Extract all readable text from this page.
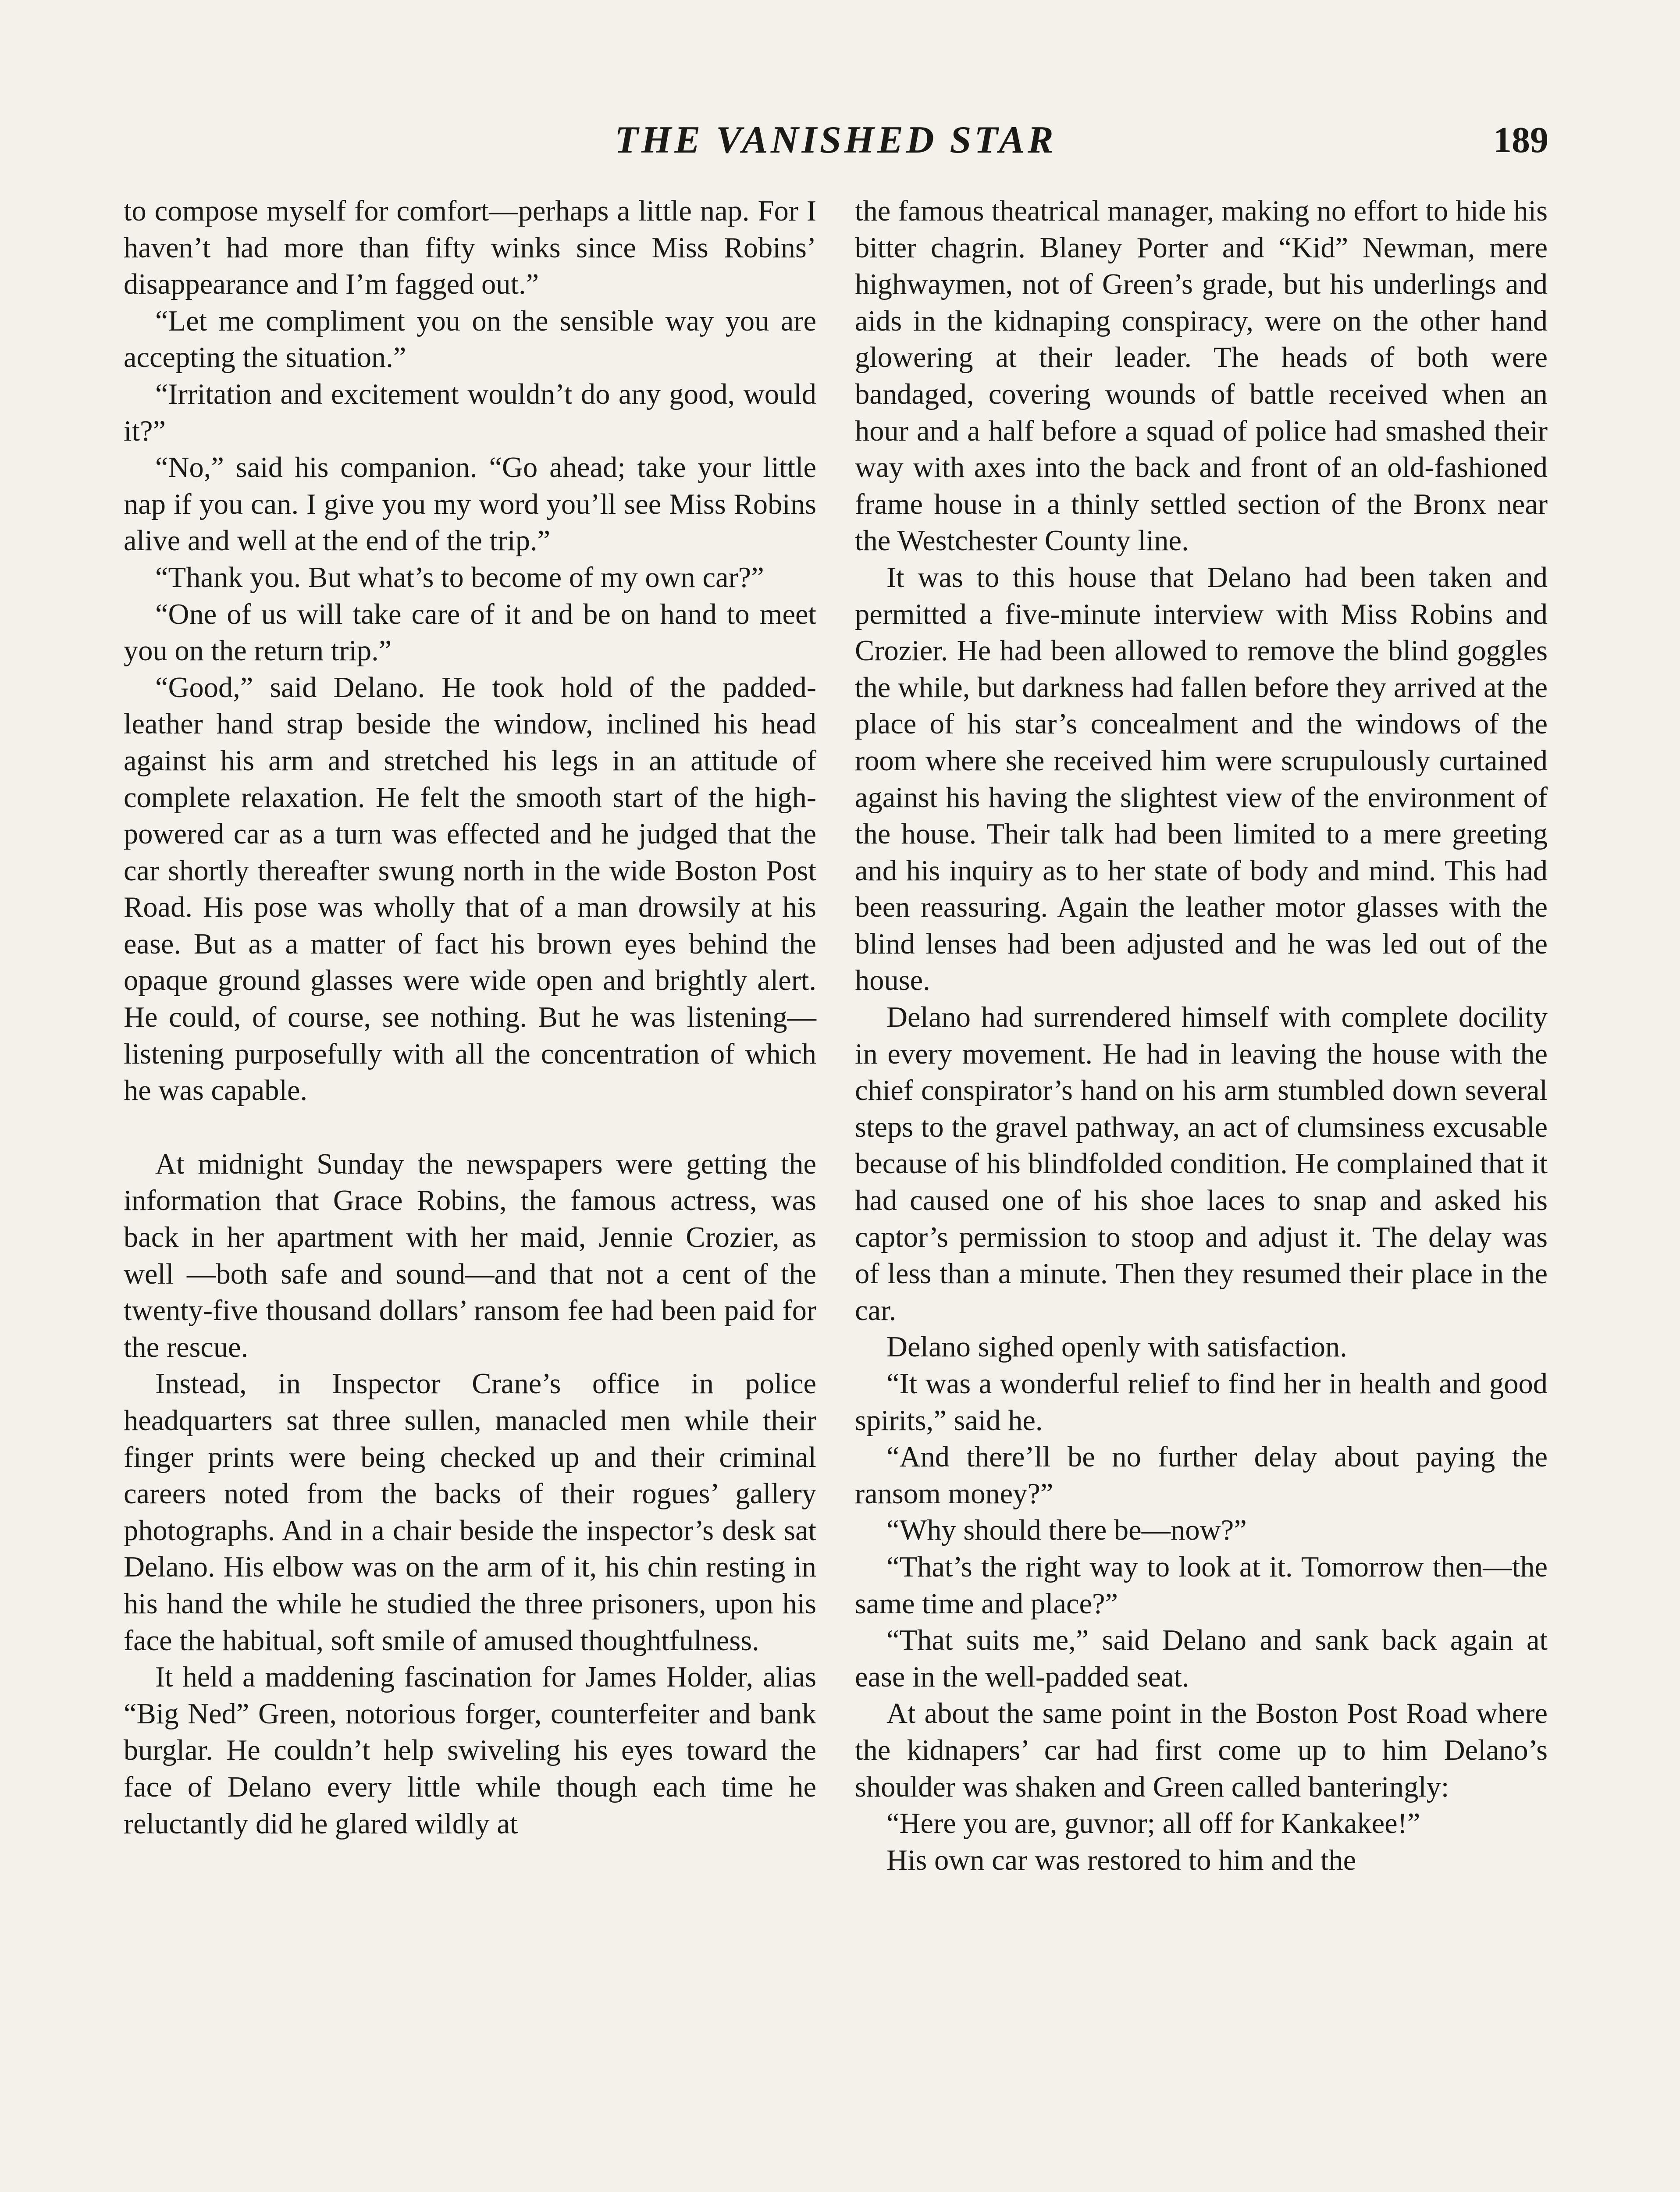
THE VANISHED STAR	189

to compose myself for comfort—perhaps a little nap. For I haven’t had more than fifty winks since Miss Robins’ disappearance and I’m fagged out.”

“Let me compliment you on the sensible way you are accepting the situation.”

“Irritation and excitement wouldn’t do any good, would it?”

“No,” said his companion. “Go ahead; take your little nap if you can. I give you my word you’ll see Miss Robins alive and well at the end of the trip.”

“Thank you. But what’s to become of my own car?”

“One of us will take care of it and be on hand to meet you on the return trip.”

“Good,” said Delano. He took hold of the padded-leather hand strap beside the window, inclined his head against his arm and stretched his legs in an attitude of complete relaxation. He felt the smooth start of the high-powered car as a turn was effected and he judged that the car shortly thereafter swung north in the wide Boston Post Road. His pose was wholly that of a man drowsily at his ease. But as a matter of fact his brown eyes behind the opaque ground glasses were wide open and brightly alert. He could, of course, see nothing. But he was listening—listening purposefully with all the concentration of which he was capable.

At midnight Sunday the newspapers were getting the information that Grace Robins, the famous actress, was back in her apartment with her maid, Jennie Crozier, as well —both safe and sound—and that not a cent of the twenty-five thousand dollars’ ransom fee had been paid for the rescue.

Instead, in Inspector Crane’s office in police headquarters sat three sullen, manacled men while their finger prints were being checked up and their criminal careers noted from the backs of their rogues’ gallery photographs. And in a chair beside the inspector’s desk sat Delano. His elbow was on the arm of it, his chin resting in his hand the while he studied the three prisoners, upon his face the habitual, soft smile of amused thoughtfulness.

It held a maddening fascination for James Holder, alias “Big Ned” Green, notorious forger, counterfeiter and bank burglar. He couldn’t help swiveling his eyes toward the face of Delano every little while though each time he reluctantly did he glared wildly at

the famous theatrical manager, making no effort to hide his bitter chagrin. Blaney Porter and “Kid” Newman, mere highwaymen, not of Green’s grade, but his underlings and aids in the kidnaping conspiracy, were on the other hand glowering at their leader. The heads of both were bandaged, covering wounds of battle received when an hour and a half before a squad of police had smashed their way with axes into the back and front of an old-fashioned frame house in a thinly settled section of the Bronx near the Westchester County line.

It was to this house that Delano had been taken and permitted a five-minute interview with Miss Robins and Crozier. He had been allowed to remove the blind goggles the while, but darkness had fallen before they arrived at the place of his star’s concealment and the windows of the room where she received him were scrupulously curtained against his having the slightest view of the environment of the house. Their talk had been limited to a mere greeting and his inquiry as to her state of body and mind. This had been reassuring. Again the leather motor glasses with the blind lenses had been adjusted and he was led out of the house.

Delano had surrendered himself with complete docility in every movement. He had in leaving the house with the chief conspirator’s hand on his arm stumbled down several steps to the gravel pathway, an act of clumsiness excusable because of his blindfolded condition. He complained that it had caused one of his shoe laces to snap and asked his captor’s permission to stoop and adjust it. The delay was of less than a minute. Then they resumed their place in the car.

Delano sighed openly with satisfaction.

“It was a wonderful relief to find her in health and good spirits,” said he.

“And there’ll be no further delay about paying the ransom money?”

“Why should there be—now?”

“That’s the right way to look at it. Tomorrow then—the same time and place?”

“That suits me,” said Delano and sank back again at ease in the well-padded seat.

At about the same point in the Boston Post Road where the kidnapers’ car had first come up to him Delano’s shoulder was shaken and Green called banteringly:

“Here you are, guvnor; all off for Kankakee!”

His own car was restored to him and the
